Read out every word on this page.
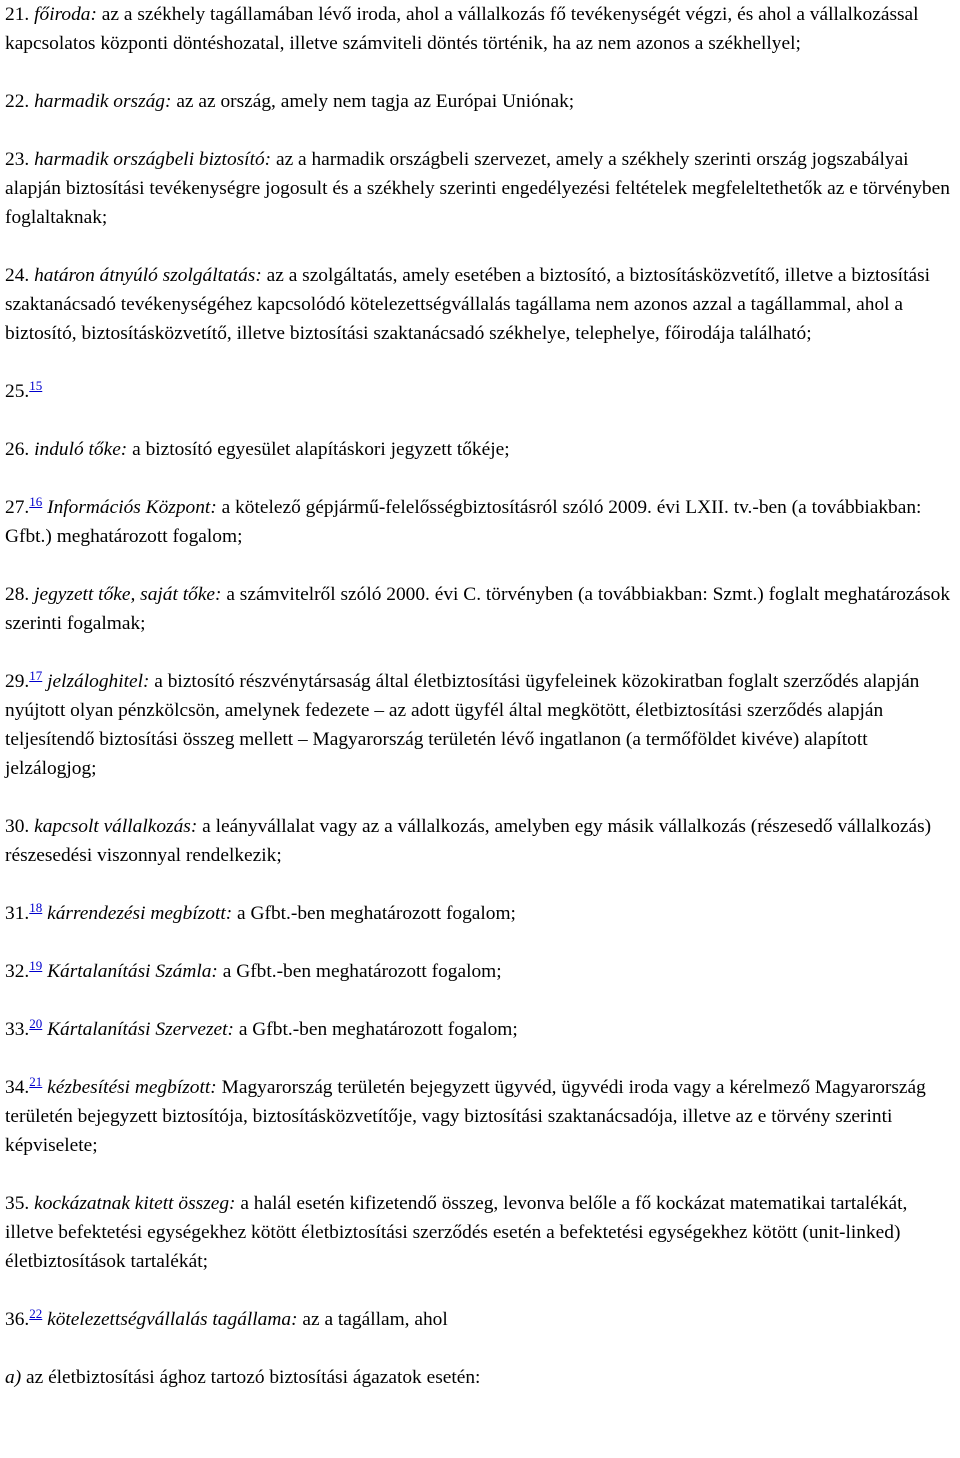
21. főiroda: az a székhely tagállamában lévő iroda, ahol a vállalkozás fő tevékenységét végzi, és ahol a vállalkozással kapcsolatos központi döntéshozatal, illetve számviteli döntés történik, ha az nem azonos a székhellyel;

22. harmadik ország: az az ország, amely nem tagja az Európai Uniónak;

23. harmadik országbeli biztosító: az a harmadik országbeli szervezet, amely a székhely szerinti ország jogszabályai alapján biztosítási tevékenységre jogosult és a székhely szerinti engedélyezési feltételek megfeleltethetők az e törvényben foglaltaknak;

24. határon átnyúló szolgáltatás: az a szolgáltatás, amely esetében a biztosító, a biztosításközvetítő, illetve a biztosítási szaktanácsadó tevékenységéhez kapcsolódó kötelezettségvállalás tagállama nem azonos azzal a tagállammal, ahol a biztosító, biztosításközvetítő, illetve biztosítási szaktanácsadó székhelye, telephelye, főirodája található;

25.15

26. induló tőke: a biztosító egyesület alapításkori jegyzett tőkéje;

27.16 Információs Központ: a kötelező gépjármű-felelősségbiztosításról szóló 2009. évi LXII. tv.-ben (a továbbiakban: Gfbt.) meghatározott fogalom;

28. jegyzett tőke, saját tőke: a számvitelről szóló 2000. évi C. törvényben (a továbbiakban: Szmt.) foglalt meghatározások szerinti fogalmak;

29.17 jelzáloghitel: a biztosító részvénytársaság által életbiztosítási ügyfeleinek közokiratban foglalt szerződés alapján nyújtott olyan pénzkölcsön, amelynek fedezete – az adott ügyfél által megkötött, életbiztosítási szerződés alapján teljesítendő biztosítási összeg mellett – Magyarország területén lévő ingatlanon (a termőföldet kivéve) alapított jelzálogjog;

30. kapcsolt vállalkozás: a leányvállalat vagy az a vállalkozás, amelyben egy másik vállalkozás (részesedő vállalkozás) részesedési viszonnyal rendelkezik;

31.18 kárrendezési megbízott: a Gfbt.-ben meghatározott fogalom;

32.19 Kártalanítási Számla: a Gfbt.-ben meghatározott fogalom;

33.20 Kártalanítási Szervezet: a Gfbt.-ben meghatározott fogalom;

34.21 kézbesítési megbízott: Magyarország területén bejegyzett ügyvéd, ügyvédi iroda vagy a kérelmező Magyarország területén bejegyzett biztosítója, biztosításközvetítője, vagy biztosítási szaktanácsadója, illetve az e törvény szerinti képviselete;

35. kockázatnak kitett összeg: a halál esetén kifizetendő összeg, levonva belőle a fő kockázat matematikai tartalékát, illetve befektetési egységekhez kötött életbiztosítási szerződés esetén a befektetési egységekhez kötött (unit-linked) életbiztosítások tartalékát;

36.22 kötelezettségvállalás tagállama: az a tagállam, ahol

a) az életbiztosítási ághoz tartozó biztosítási ágazatok esetén:
